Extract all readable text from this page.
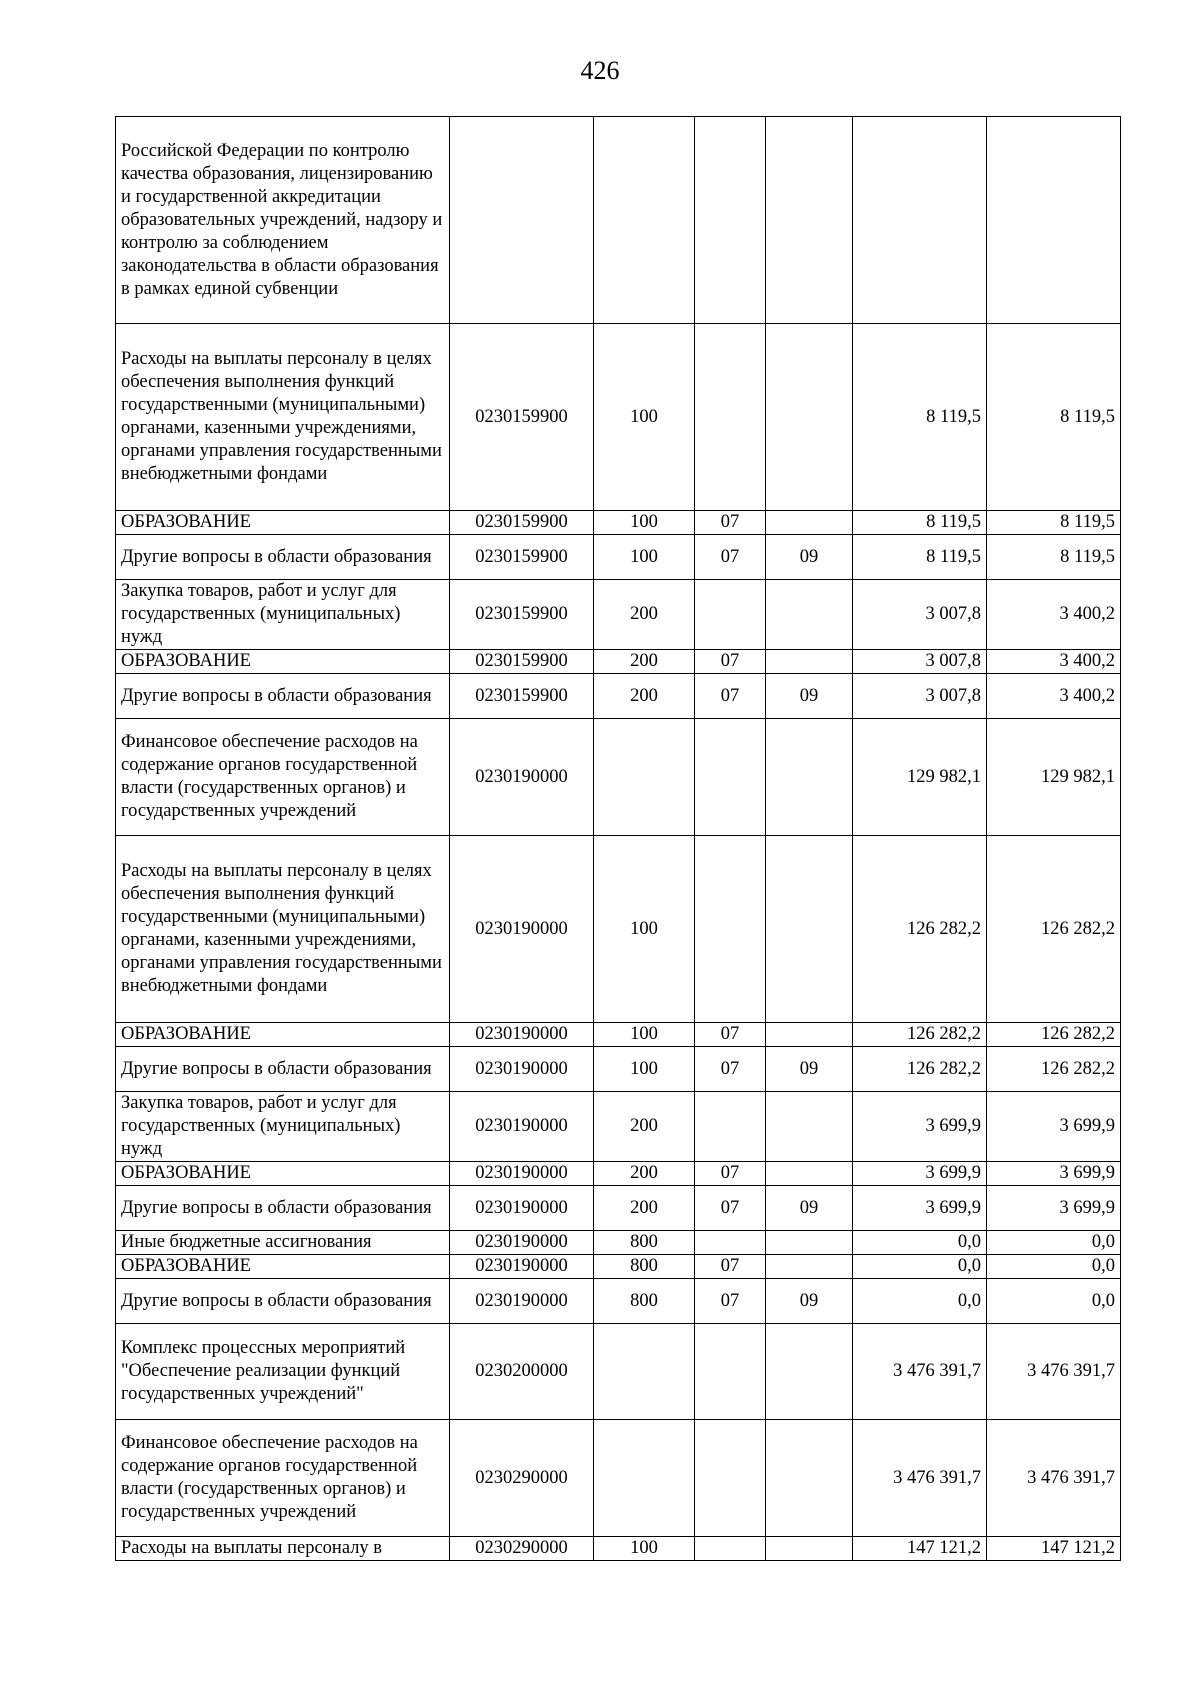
426
Российской Федерации по контролю качества образования, лицензированию и государственной аккредитации образовательных учреждений, надзору и контролю за соблюдением законодательства в области образования в рамках единой субвенции						
Расходы на выплаты персоналу в целях обеспечения выполнения функций государственными (муниципальными) органами, казенными учреждениями, органами управления государственными внебюджетными фондами	0230159900	100			8 119,5	8 119,5
ОБРАЗОВАНИЕ	0230159900	100	07		8 119,5	8 119,5
Другие вопросы в области образования	0230159900	100	07	09	8 119,5	8 119,5
Закупка товаров, работ и услуг для государственных (муниципальных) нужд	0230159900	200			3 007,8	3 400,2
ОБРАЗОВАНИЕ	0230159900	200	07		3 007,8	3 400,2
Другие вопросы в области образования	0230159900	200	07	09	3 007,8	3 400,2
Финансовое обеспечение расходов на содержание органов государственной власти (государственных органов) и государственных учреждений	0230190000				129 982,1	129 982,1
Расходы на выплаты персоналу в целях обеспечения выполнения функций государственными (муниципальными) органами, казенными учреждениями, органами управления государственными внебюджетными фондами	0230190000	100			126 282,2	126 282,2
ОБРАЗОВАНИЕ	0230190000	100	07		126 282,2	126 282,2
Другие вопросы в области образования	0230190000	100	07	09	126 282,2	126 282,2
Закупка товаров, работ и услуг для государственных (муниципальных) нужд	0230190000	200			3 699,9	3 699,9
ОБРАЗОВАНИЕ	0230190000	200	07		3 699,9	3 699,9
Другие вопросы в области образования	0230190000	200	07	09	3 699,9	3 699,9
Иные бюджетные ассигнования	0230190000	800			0,0	0,0
ОБРАЗОВАНИЕ	0230190000	800	07		0,0	0,0
Другие вопросы в области образования	0230190000	800	07	09	0,0	0,0
Комплекс процессных мероприятий "Обеспечение реализации функций государственных учреждений"	0230200000				3 476 391,7	3 476 391,7
Финансовое обеспечение расходов на содержание органов государственной власти (государственных органов) и государственных учреждений	0230290000				3 476 391,7	3 476 391,7
Расходы на выплаты персоналу в	0230290000	100			147 121,2	147 121,2
